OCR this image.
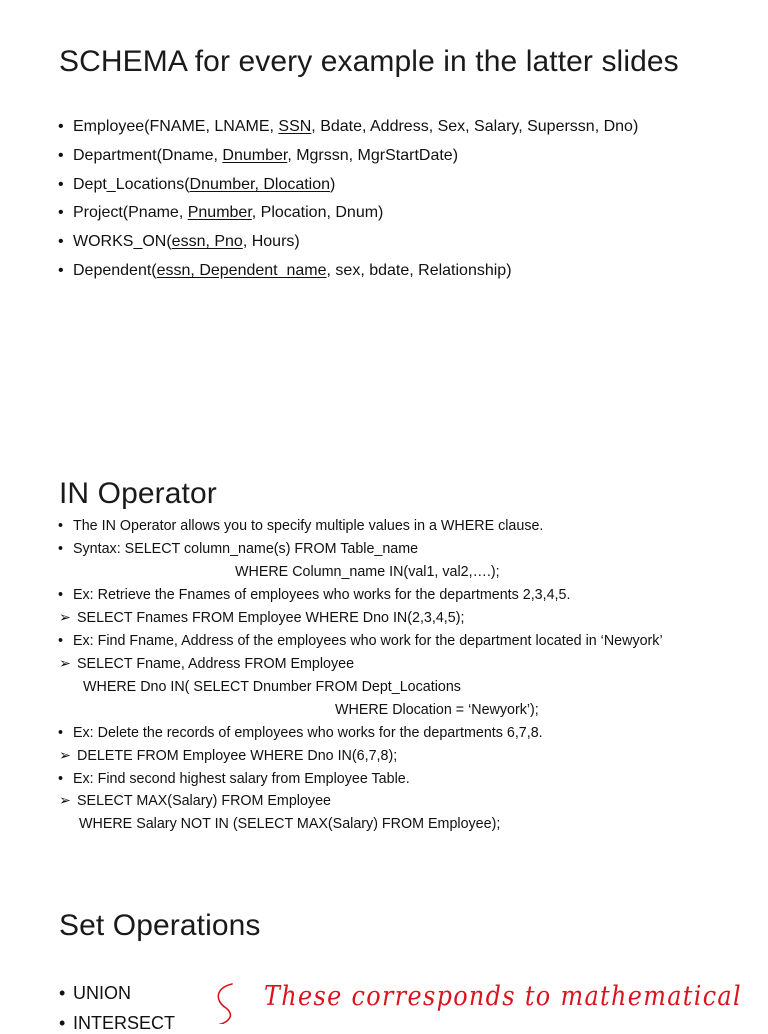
SCHEMA for every example in the latter slides
• Employee(FNAME, LNAME, SSN, Bdate, Address, Sex, Salary, Superssn, Dno)
• Department(Dname, Dnumber, Mgrssn, MgrStartDate)
• Dept_Locations(Dnumber, Dlocation)
• Project(Pname, Pnumber, Plocation, Dnum)
• WORKS_ON(essn, Pno, Hours)
• Dependent(essn, Dependent_name, sex, bdate, Relationship)
IN Operator
• The IN Operator allows you to specify multiple values in a WHERE clause.
• Syntax: SELECT column_name(s) FROM Table_name
WHERE Column_name IN(val1, val2,….);
• Ex: Retrieve the Fnames of employees who works for the departments 2,3,4,5.
➢ SELECT Fnames FROM Employee WHERE Dno IN(2,3,4,5);
• Ex: Find Fname, Address of the employees who work for the department located in ‘Newyork’
➢ SELECT Fname, Address FROM Employee
WHERE Dno IN( SELECT Dnumber FROM Dept_Locations
WHERE Dlocation = ‘Newyork’);
• Ex: Delete the records of employees who works for the departments 6,7,8.
➢ DELETE FROM Employee WHERE Dno IN(6,7,8);
• Ex: Find second highest salary from Employee Table.
➢ SELECT MAX(Salary) FROM Employee
WHERE Salary NOT IN (SELECT MAX(Salary) FROM Employee);
Set Operations
• UNION
• INTERSECT
These corresponds to mathematical
